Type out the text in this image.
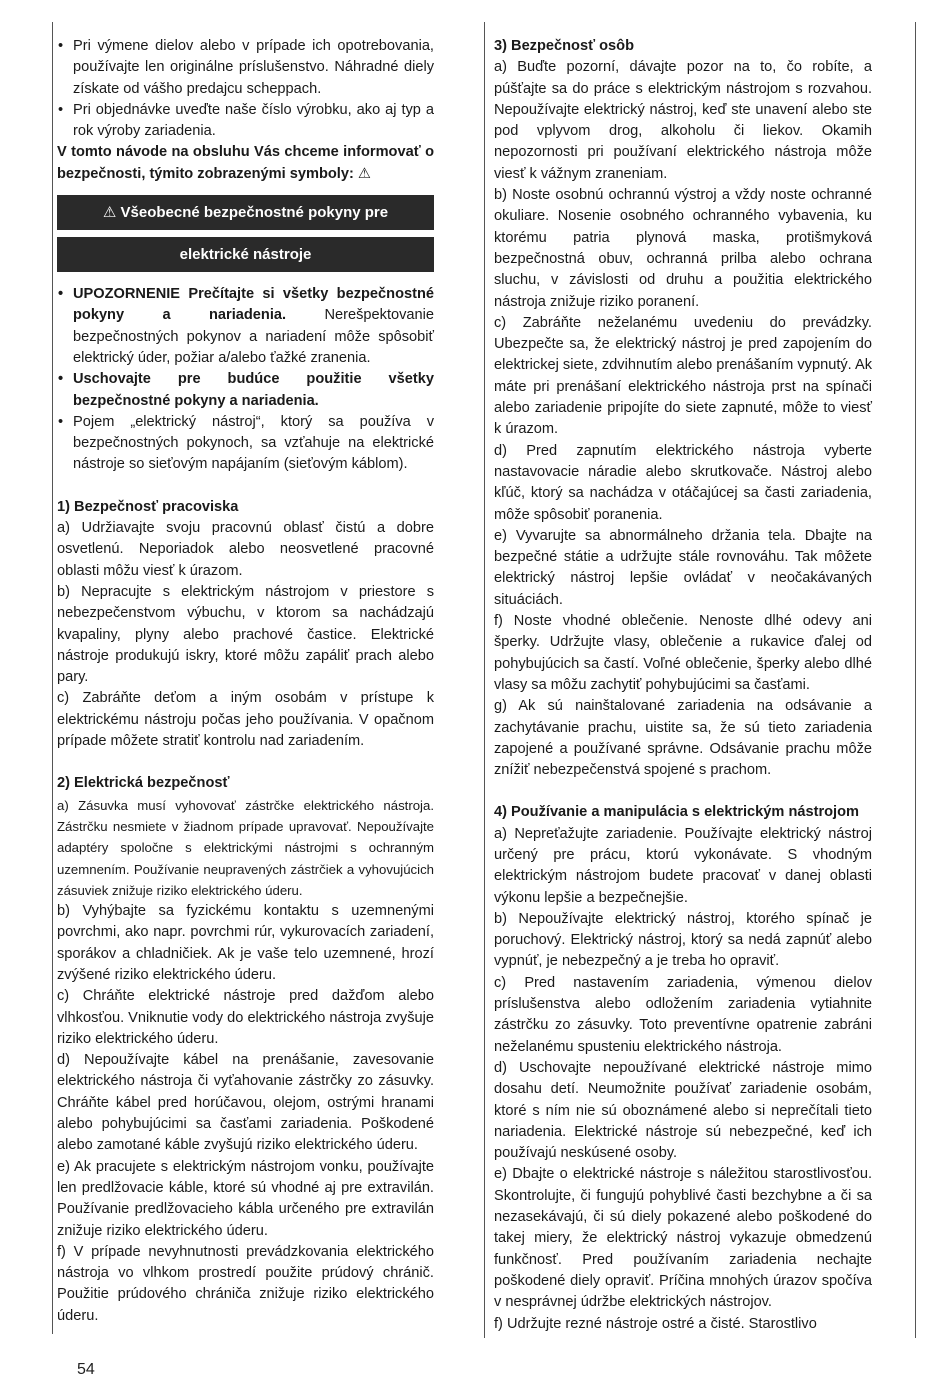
• Pri výmene dielov alebo v prípade ich opotrebovania, používajte len originálne príslušenstvo. Náhradné diely získate od vášho predajcu scheppach.
• Pri objednávke uveďte naše číslo výrobku, ako aj typ a rok výroby zariadenia.

V tomto návode na obsluhu Vás chceme informovať o bezpečnosti, týmito zobrazenými symboly: ⚠

⚠ Všeobecné bezpečnostné pokyny pre
elektrické nástroje
• UPOZORNENIE Prečítajte si všetky bezpečnostné pokyny a nariadenia. Nerešpektovanie bezpečnostných pokynov a nariadení môže spôsobiť elektrický úder, požiar a/alebo ťažké zranenia.
• Uschovajte pre budúce použitie všetky bezpečnostné pokyny a nariadenia.
• Pojem „elektrický nástroj“, ktorý sa používa v bezpečnostných pokynoch, sa vzťahuje na elektrické nástroje so sieťovým napájaním (sieťovým káblom).

1) Bezpečnosť pracoviska

a) Udržiavajte svoju pracovnú oblasť čistú a dobre osvetlenú. Neporiadok alebo neosvetlené pracovné oblasti môžu viesť k úrazom.

b) Nepracujte s elektrickým nástrojom v priestore s nebezpečenstvom výbuchu, v ktorom sa nachádzajú kvapaliny, plyny alebo prachové častice. Elektrické nástroje produkujú iskry, ktoré môžu zapáliť prach alebo pary.

c) Zabráňte deťom a iným osobám v prístupe k elektrickému nástroju počas jeho používania. V opačnom prípade môžete stratiť kontrolu nad zariadením.

2) Elektrická bezpečnosť

a) Zásuvka musí vyhovovať zástrčke elektrického nástroja. Zástrčku nesmiete v žiadnom prípade upravovať. Nepoužívajte adaptéry spoločne s elektrickými nástrojmi s ochranným uzemnením. Používanie neupravených zástrčiek a vyhovujúcich zásuviek znižuje riziko elektrického úderu.

b) Vyhýbajte sa fyzickému kontaktu s uzemnenými povrchmi, ako napr. povrchmi rúr, vykurovacích zariadení, sporákov a chladničiek. Ak je vaše telo uzemnené, hrozí zvýšené riziko elektrického úderu.

c) Chráňte elektrické nástroje pred dažďom alebo vlhkosťou. Vniknutie vody do elektrického nástroja zvyšuje riziko elektrického úderu.

d) Nepoužívajte kábel na prenášanie, zavesovanie elektrického nástroja či vyťahovanie zástrčky zo zásuvky. Chráňte kábel pred horúčavou, olejom, ostrými hranami alebo pohybujúcimi sa časťami zariadenia. Poškodené alebo zamotané káble zvyšujú riziko elektrického úderu.

e) Ak pracujete s elektrickým nástrojom vonku, používajte len predlžovacie káble, ktoré sú vhodné aj pre extravilán. Používanie predlžovacieho kábla určeného pre extravilán znižuje riziko elektrického úderu.

f) V prípade nevyhnutnosti prevádzkovania elektrického nástroja vo vlhkom prostredí použite prúdový chránič. Použitie prúdového chrániča znižuje riziko elektrického úderu.

3) Bezpečnosť osôb

a) Buďte pozorní, dávajte pozor na to, čo robíte, a púšťajte sa do práce s elektrickým nástrojom s rozvahou. Nepoužívajte elektrický nástroj, keď ste unavení alebo ste pod vplyvom drog, alkoholu či liekov. Okamih nepozornosti pri používaní elektrického nástroja môže viesť k vážnym zraneniam.

b) Noste osobnú ochrannú výstroj a vždy noste ochranné okuliare. Nosenie osobného ochranného vybavenia, ku ktorému patria plynová maska, protišmyková bezpečnostná obuv, ochranná prilba alebo ochrana sluchu, v závislosti od druhu a použitia elektrického nástroja znižuje riziko poranení.

c) Zabráňte neželanému uvedeniu do prevádzky. Ubezpečte sa, že elektrický nástroj je pred zapojením do elektrickej siete, zdvihnutím alebo prenášaním vypnutý. Ak máte pri prenášaní elektrického nástroja prst na spínači alebo zariadenie pripojíte do siete zapnuté, môže to viesť k úrazom.

d) Pred zapnutím elektrického nástroja vyberte nastavovacie náradie alebo skrutkovače. Nástroj alebo kľúč, ktorý sa nachádza v otáčajúcej sa časti zariadenia, môže spôsobiť poranenia.

e) Vyvarujte sa abnormálneho držania tela. Dbajte na bezpečné státie a udržujte stále rovnováhu. Tak môžete elektrický nástroj lepšie ovládať v neočakávaných situáciách.

f) Noste vhodné oblečenie. Nenoste dlhé odevy ani šperky. Udržujte vlasy, oblečenie a rukavice ďalej od pohybujúcich sa častí. Voľné oblečenie, šperky alebo dlhé vlasy sa môžu zachytiť pohybujúcimi sa časťami.

g) Ak sú nainštalované zariadenia na odsávanie a zachytávanie prachu, uistite sa, že sú tieto zariadenia zapojené a používané správne. Odsávanie prachu môže znížiť nebezpečenstvá spojené s prachom.

4) Používanie a manipulácia s elektrickým nástrojom

a) Nepreťažujte zariadenie. Používajte elektrický nástroj určený pre prácu, ktorú vykonávate. S vhodným elektrickým nástrojom budete pracovať v danej oblasti výkonu lepšie a bezpečnejšie.

b) Nepoužívajte elektrický nástroj, ktorého spínač je poruchový. Elektrický nástroj, ktorý sa nedá zapnúť alebo vypnúť, je nebezpečný a je treba ho opraviť.

c) Pred nastavením zariadenia, výmenou dielov príslušenstva alebo odložením zariadenia vytiahnite zástrčku zo zásuvky. Toto preventívne opatrenie zabráni neželanému spusteniu elektrického nástroja.

d) Uschovajte nepoužívané elektrické nástroje mimo dosahu detí. Neumožnite používať zariadenie osobám, ktoré s ním nie sú oboznámené alebo si neprečítali tieto nariadenia. Elektrické nástroje sú nebezpečné, keď ich používajú neskúsené osoby.

e) Dbajte o elektrické nástroje s náležitou starostlivosťou. Skontrolujte, či fungujú pohyblivé časti bezchybne a či sa nezasekávajú, či sú diely pokazené alebo poškodené do takej miery, že elektrický nástroj vykazuje obmedzenú funkčnosť. Pred používaním zariadenia nechajte poškodené diely opraviť. Príčina mnohých úrazov spočíva v nesprávnej údržbe elektrických nástrojov.

f) Udržujte rezné nástroje ostré a čisté. Starostlivo

54
